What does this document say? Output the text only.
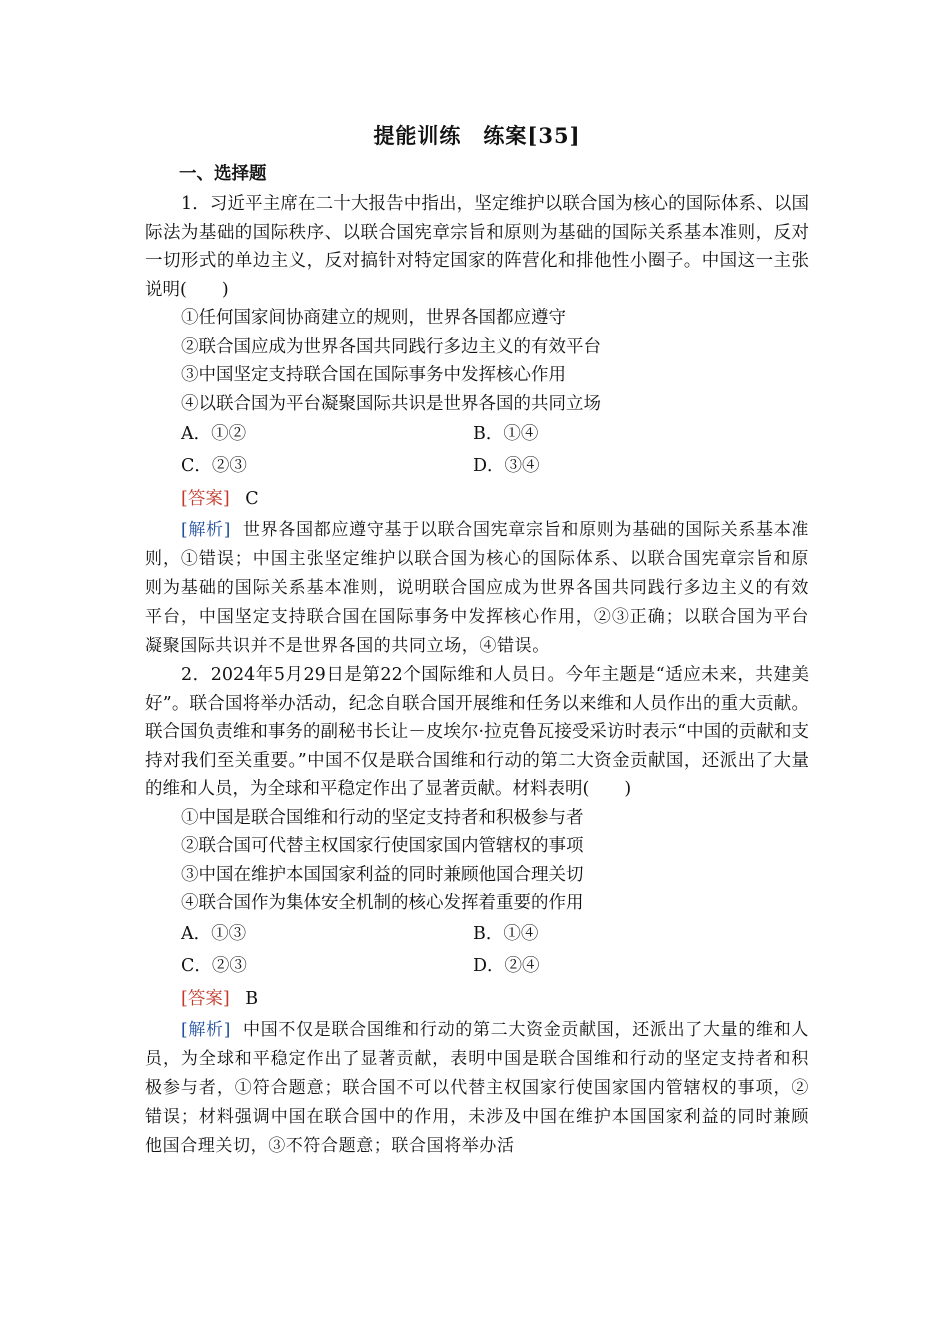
提能训练　练案[35]
一、选择题

1．习近平主席在二十大报告中指出，坚定维护以联合国为核心的国际体系、以国际法为基础的国际秩序、以联合国宪章宗旨和原则为基础的国际关系基本准则，反对一切形式的单边主义，反对搞针对特定国家的阵营化和排他性小圈子。中国这一主张说明(　　)

①任何国家间协商建立的规则，世界各国都应遵守
②联合国应成为世界各国共同践行多边主义的有效平台
③中国坚定支持联合国在国际事务中发挥核心作用
④以联合国为平台凝聚国际共识是世界各国的共同立场
A．①②	B．①④
C．②③	D．③④
[答案] C

[解析] 世界各国都应遵守基于以联合国宪章宗旨和原则为基础的国际关系基本准则，①错误；中国主张坚定维护以联合国为核心的国际体系、以联合国宪章宗旨和原则为基础的国际关系基本准则，说明联合国应成为世界各国共同践行多边主义的有效平台，中国坚定支持联合国在国际事务中发挥核心作用，②③正确；以联合国为平台凝聚国际共识并不是世界各国的共同立场，④错误。

2．2024年5月29日是第22个国际维和人员日。今年主题是“适应未来，共建美好”。联合国将举办活动，纪念自联合国开展维和任务以来维和人员作出的重大贡献。联合国负责维和事务的副秘书长让－皮埃尔·拉克鲁瓦接受采访时表示“中国的贡献和支持对我们至关重要。”中国不仅是联合国维和行动的第二大资金贡献国，还派出了大量的维和人员，为全球和平稳定作出了显著贡献。材料表明(　　)

①中国是联合国维和行动的坚定支持者和积极参与者
②联合国可代替主权国家行使国家国内管辖权的事项
③中国在维护本国国家利益的同时兼顾他国合理关切
④联合国作为集体安全机制的核心发挥着重要的作用
A．①③	B．①④
C．②③	D．②④
[答案] B

[解析] 中国不仅是联合国维和行动的第二大资金贡献国，还派出了大量的维和人员，为全球和平稳定作出了显著贡献，表明中国是联合国维和行动的坚定支持者和积极参与者，①符合题意；联合国不可以代替主权国家行使国家国内管辖权的事项，②错误；材料强调中国在联合国中的作用，未涉及中国在维护本国国家利益的同时兼顾他国合理关切，③不符合题意；联合国将举办活
